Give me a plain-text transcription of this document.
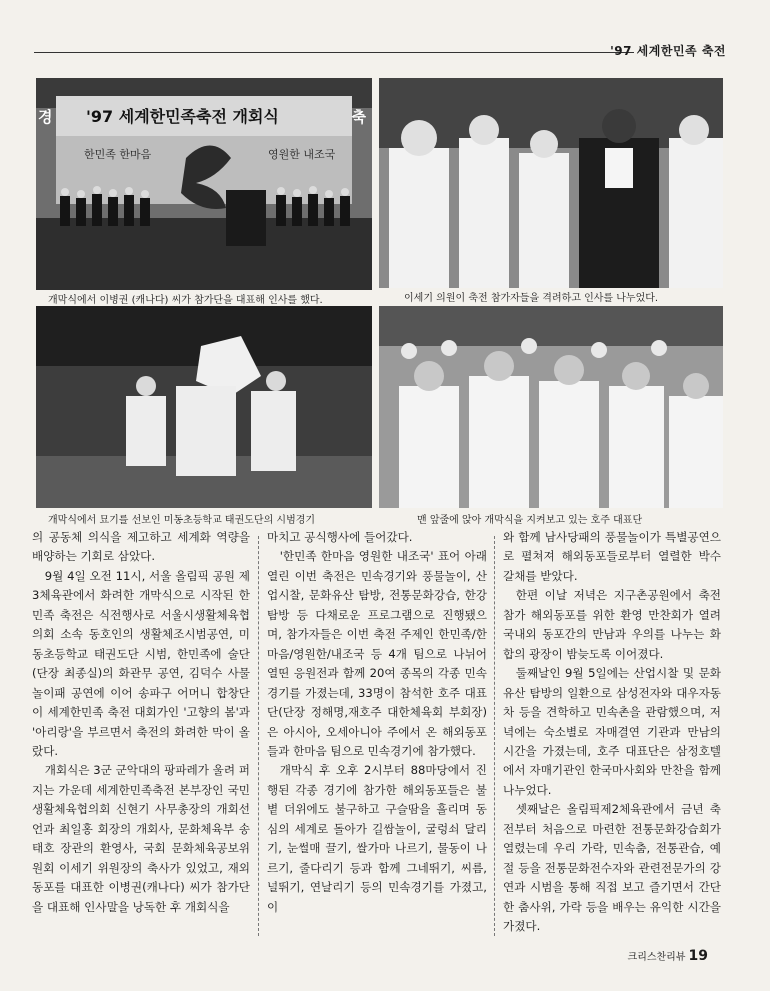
'97 세계한민족 축전
경	축
'97 세계한민족축전 개회식
한민족 한마음	영원한 내조국
개막식에서 이병권 (캐나다) 씨가 참가단을 대표해 인사를 했다.	이세기 의원이 축전 참가자들을 격려하고 인사를 나누었다.
개막식에서 묘기를 선보인 미동초등학교 태권도단의 시범경기	맨 앞줄에 앉아 개막식을 지켜보고 있는 호주 대표단

의 공동체 의식을 제고하고 세계화 역량을 배양하는 기회로 삼았다.

9월 4일 오전 11시, 서울 올림픽 공원 제3체육관에서 화려한 개막식으로 시작된 한민족 축전은 식전행사로 서울시생활체육협의회 소속 동호인의 생활체조시범공연, 미동초등학교 태권도단 시범, 한민족에 술단(단장 최종실)의 화관무 공연, 김덕수 사물놀이패 공연에 이어 송파구 어머니 합창단이 세계한민족 축전 대회가인 '고향의 봄'과 '아리랑'을 부르면서 축전의 화려한 막이 올랐다.

개회식은 3군 군악대의 팡파레가 울려 퍼지는 가운데 세계한민족축전 본부장인 국민생활체육협의회 신현기 사무총장의 개회선언과 최일홍 회장의 개회사, 문화체육부 송태호 장관의 환영사, 국회 문화체육공보위원회 이세기 위원장의 축사가 있었고, 재외동포를 대표한 이병권(캐나다) 씨가 참가단을 대표해 인사말을 낭독한 후 개회식을

마치고 공식행사에 들어갔다.

'한민족 한마음 영원한 내조국' 표어 아래 열린 이번 축전은 민속경기와 풍물놀이, 산업시찰, 문화유산 탐방, 전통문화강습, 한강 탐방 등 다채로운 프로그램으로 진행됐으며, 참가자들은 이번 축전 주제인 한민족/한마음/영원한/내조국 등 4개 팀으로 나뉘어 열띤 응원전과 함께 20여 종목의 각종 민속경기를 가졌는데, 33명이 참석한 호주 대표단(단장 정해명,재호주 대한체육회 부회장)은 아시아, 오세아니아 주에서 온 해외동포들과 한마음 팀으로 민속경기에 참가했다.

개막식 후 오후 2시부터 88마당에서 진행된 각종 경기에 참가한 해외동포들은 불볕 더위에도 불구하고 구슬땀을 흘리며 동심의 세계로 돌아가 길쌈놀이, 굴렁쇠 달리기, 눈썰매 끌기, 쌀가마 나르기, 물동이 나르기, 줄다리기 등과 함께 그네뛰기, 씨름, 널뛰기, 연날리기 등의 민속경기를 가졌고, 이

와 함께 남사당패의 풍물놀이가 특별공연으로 펼쳐져 해외동포들로부터 열렬한 박수 갈채를 받았다.

한편 이날 저녁은 지구촌공원에서 축전 참가 해외동포를 위한 환영 만찬회가 열려 국내외 동포간의 만남과 우의를 나누는 화합의 광장이 밤늦도록 이어졌다.

둘째날인 9월 5일에는 산업시찰 및 문화유산 탐방의 일환으로 삼성전자와 대우자동차 등을 견학하고 민속촌을 관람했으며, 저녁에는 숙소별로 자매결연 기관과 만남의 시간을 가졌는데, 호주 대표단은 삼정호텔에서 자매기관인 한국마사회와 만찬을 함께 나누었다.

셋째날은 올림픽제2체육관에서 금년 축전부터 처음으로 마련한 전통문화강습회가 열렸는데 우리 가락, 민속춤, 전통관습, 예절 등을 전통문화전수자와 관련전문가의 강연과 시범을 통해 직접 보고 즐기면서 간단한 춤사위, 가락 등을 배우는 유익한 시간을 가졌다.

크리스찬리뷰 19
